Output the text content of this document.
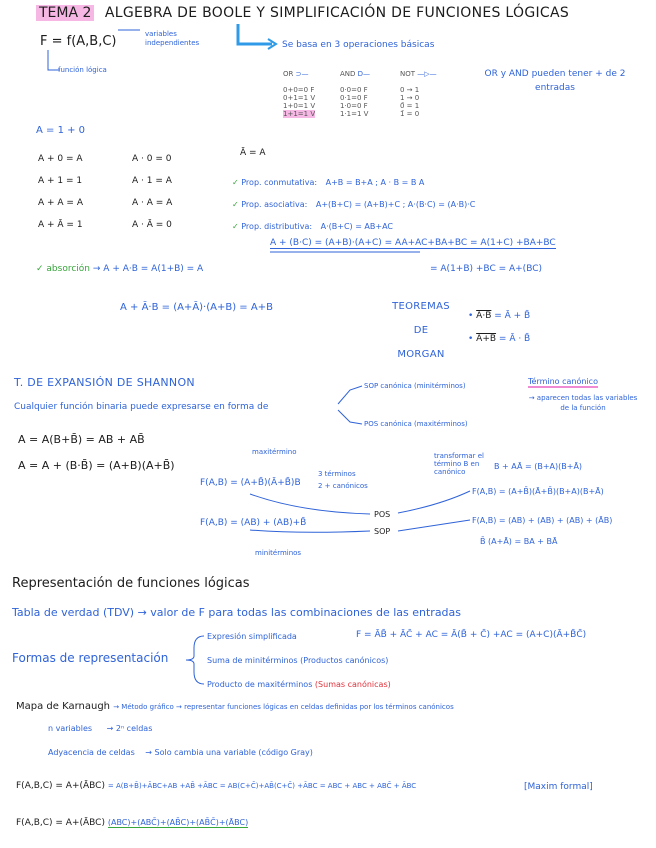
TEMA 2 ALGEBRA DE BOOLE Y SIMPLIFICACIÓN DE FUNCIONES LÓGICAS
F = f(A,B,C)	variables independientes
función lógica
Se basa en 3 operaciones básicas
OR y AND pueden tener + de 2 entradas
OR ⊃—
0+0=0 F
0+1=1 V
1+0=1 V
1+1=1 V
AND D—
0·0=0 F
0·1=0 F
1·0=0 F
1·1=1 V
NOT —▷—
0 → 1
1 → 0
0̄ = 1
1̄ = 0
A = 1 + 0
A + 0 = A
A + 1 = 1
A + A = A
A + Ā = 1
A · 0 = 0
A · 1 = A
A · A = A
A · Ā = 0
Ā = A
✓ Prop. conmutativa: A+B = B+A ; A · B = B A
✓ Prop. asociativa: A+(B+C) = (A+B)+C ; A·(B·C) = (A·B)·C
✓ Prop. distributiva: A·(B+C) = AB+AC
A + (B·C) = (A+B)·(A+C) = AA+AC+BA+BC = A(1+C) +BA+BC
= A(1+B) +BC = A+(BC)
✓ absorción → A + A·B = A(1+B) = A
A + Ā·B = (A+Ā)·(A+B) = A+B	TEOREMAS
DE
MORGAN
• A·B = Ā + B̄
• A+B = Ā · B̄
T. DE EXPANSIÓN DE SHANNON
Cualquier función binaria puede expresarse en forma de
SOP canónica (minitérminos)
POS canónica (maxitérminos)
Término canónico
→ aparecen todas las variables de la función
A = A(B+B̄) = AB + AB̄
A = A + (B·B̄) = (A+B)(A+B̄)
maxitérmino
F(A,B) = (A+B̄)(Ā+B̄)B
3 términos
2 + canónicos
F(A,B) = (AB) + (AB)+B̄
minitérminos
POS
SOP
transformar el término B en canónico
B + AĀ = (B+A)(B+Ā)
F(A,B) = (A+B̄)(Ā+B̄)(B+A)(B+Ā)
F(A,B) = (AB) + (AB) + (AB) + (ĀB)
B̄ (A+Ā) = BA + BĀ
Representación de funciones lógicas
Tabla de verdad (TDV) → valor de F para todas las combinaciones de las entradas
Formas de representación
Expresión simplificada	F = ĀB̄ + ĀC̄ + AC = Ā(B̄ + C̄) +AC = (A+C)(Ā+B̄C̄)
Suma de minitérminos (Productos canónicos)
Producto de maxitérminos (Sumas canónicas)
Mapa de Karnaugh → Método gráfico → representar funciones lógicas en celdas definidas por los términos canónicos
n variables → 2ⁿ celdas
Adyacencia de celdas → Solo cambia una variable (código Gray)
F(A,B,C) = A+(ĀBC) = A(B+B̄)+ĀBC+AB +AB̄ +ĀBC = AB(C+C̄)+AB̄(C+C̄) +ĀBC = ABC + ABC + ABC̄ + ĀBC	[Maxim formal]
F(A,B,C) = A+(ĀBC) (ABC)+(ABC̄)+(AB̄C)+(AB̄C̄)+(ĀBC)
